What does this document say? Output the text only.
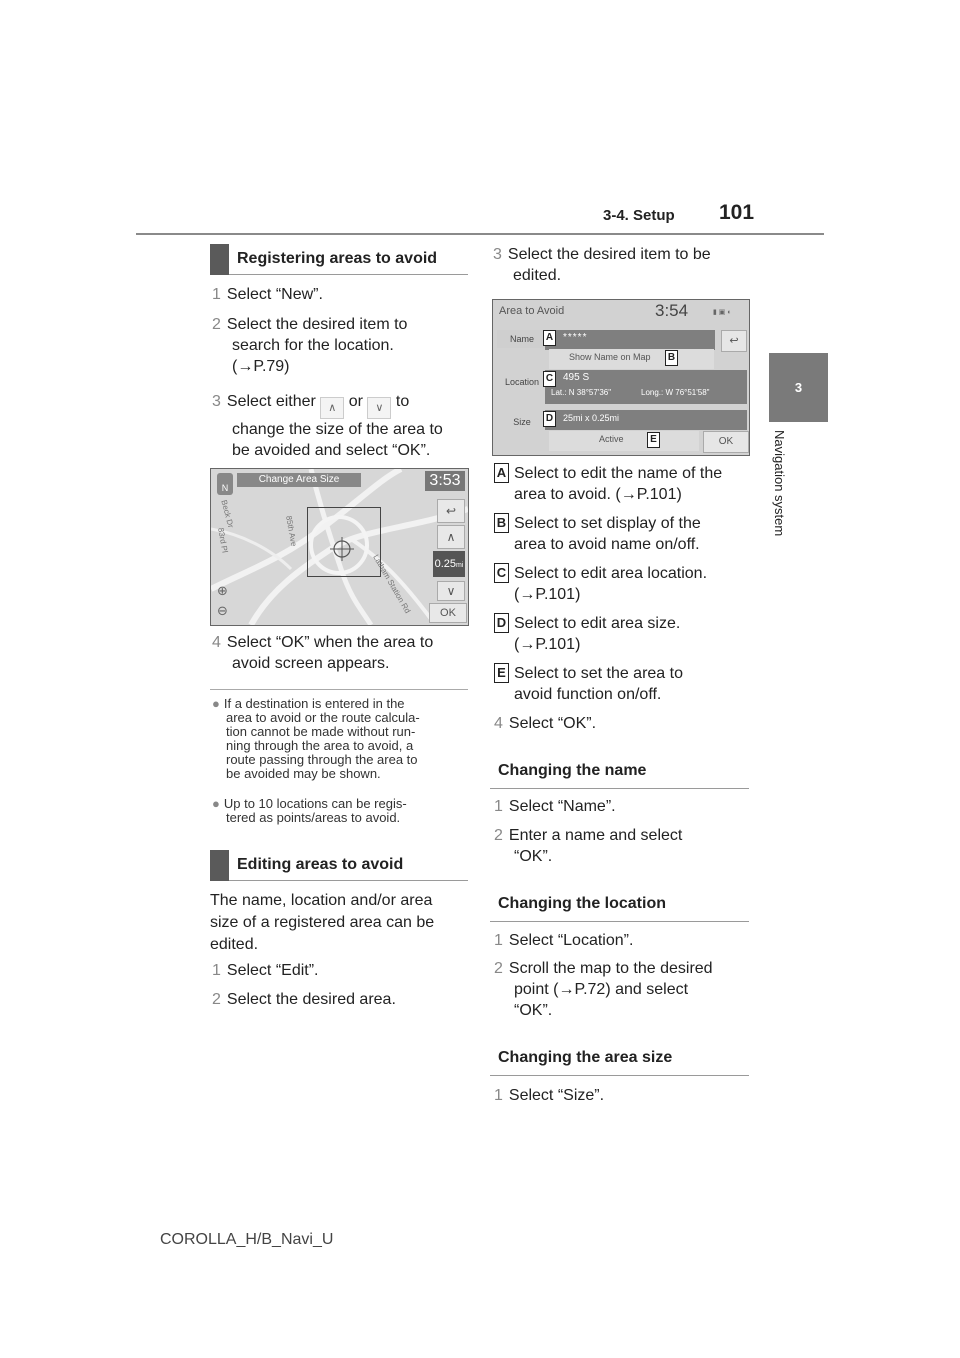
3-4. Setup 101
3
Navigation system
Registering areas to avoid
1 Select “New”.
2 Select the desired item to
search for the location.
(→P.79)
3 Select either ∧ or ∨ to
change the size of the area to
be avoided and select “OK”.
Change Area Size	3:53
N
Beck Dr
83rd Pl	85th Ave
Latham Station Rd
↩
∧
0.25mi
∨
OK
⊕
⊖
4 Select “OK” when the area to
avoid screen appears.
● If a destination is entered in the
area to avoid or the route calcula-
tion cannot be made without run-
ning through the area to avoid, a
route passing through the area to
be avoided may be shown.
● Up to 10 locations can be regis-
tered as points/areas to avoid.
Editing areas to avoid
The name, location and/or area
size of a registered area can be
edited.
1 Select “Edit”.
2 Select the desired area.
3 Select the desired item to be
edited.
Area to Avoid	3:54	▮ ▣ ◐
Name	*****	↩
Show Name on Map
Location	495 S
Lat.: N 38°57'36"	Long.: W 76°51'58"
Size	25mi x 0.25mi
Active	OK
A
B
C
D
E
A Select to edit the name of the
area to avoid. (→P.101)
B Select to set display of the
area to avoid name on/off.
C Select to edit area location.
(→P.101)
D Select to edit area size.
(→P.101)
E Select to set the area to
avoid function on/off.
4 Select “OK”.
Changing the name
1 Select “Name”.
2 Enter a name and select
“OK”.
Changing the location
1 Select “Location”.
2 Scroll the map to the desired
point (→P.72) and select
“OK”.
Changing the area size
1 Select “Size”.
COROLLA_H/B_Navi_U
